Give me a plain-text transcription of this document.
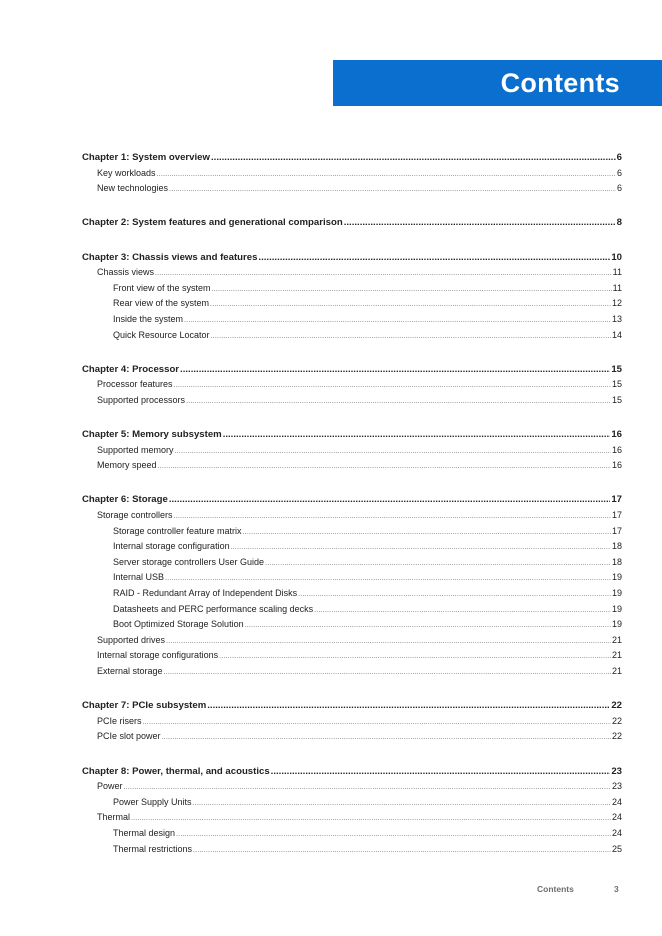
Contents
Chapter 1: System overview .....	6
Key workloads .....	6
New technologies .....	6
Chapter 2: System features and generational comparison .....	8
Chapter 3: Chassis views and features .....	10
Chassis views .....	11
Front view of the system .....	11
Rear view of the system .....	12
Inside the system .....	13
Quick Resource Locator .....	14
Chapter 4: Processor .....	15
Processor features .....	15
Supported processors .....	15
Chapter 5: Memory subsystem .....	16
Supported memory .....	16
Memory speed .....	16
Chapter 6: Storage .....	17
Storage controllers .....	17
Storage controller feature matrix .....	17
Internal storage configuration .....	18
Server storage controllers User Guide .....	18
Internal USB .....	19
RAID - Redundant Array of Independent Disks .....	19
Datasheets and PERC performance scaling decks .....	19
Boot Optimized Storage Solution .....	19
Supported drives .....	21
Internal storage configurations .....	21
External storage .....	21
Chapter 7: PCIe subsystem .....	22
PCIe risers .....	22
PCIe slot power .....	22
Chapter 8: Power, thermal, and acoustics .....	23
Power .....	23
Power Supply Units .....	24
Thermal .....	24
Thermal design .....	24
Thermal restrictions .....	25
Contents	3
